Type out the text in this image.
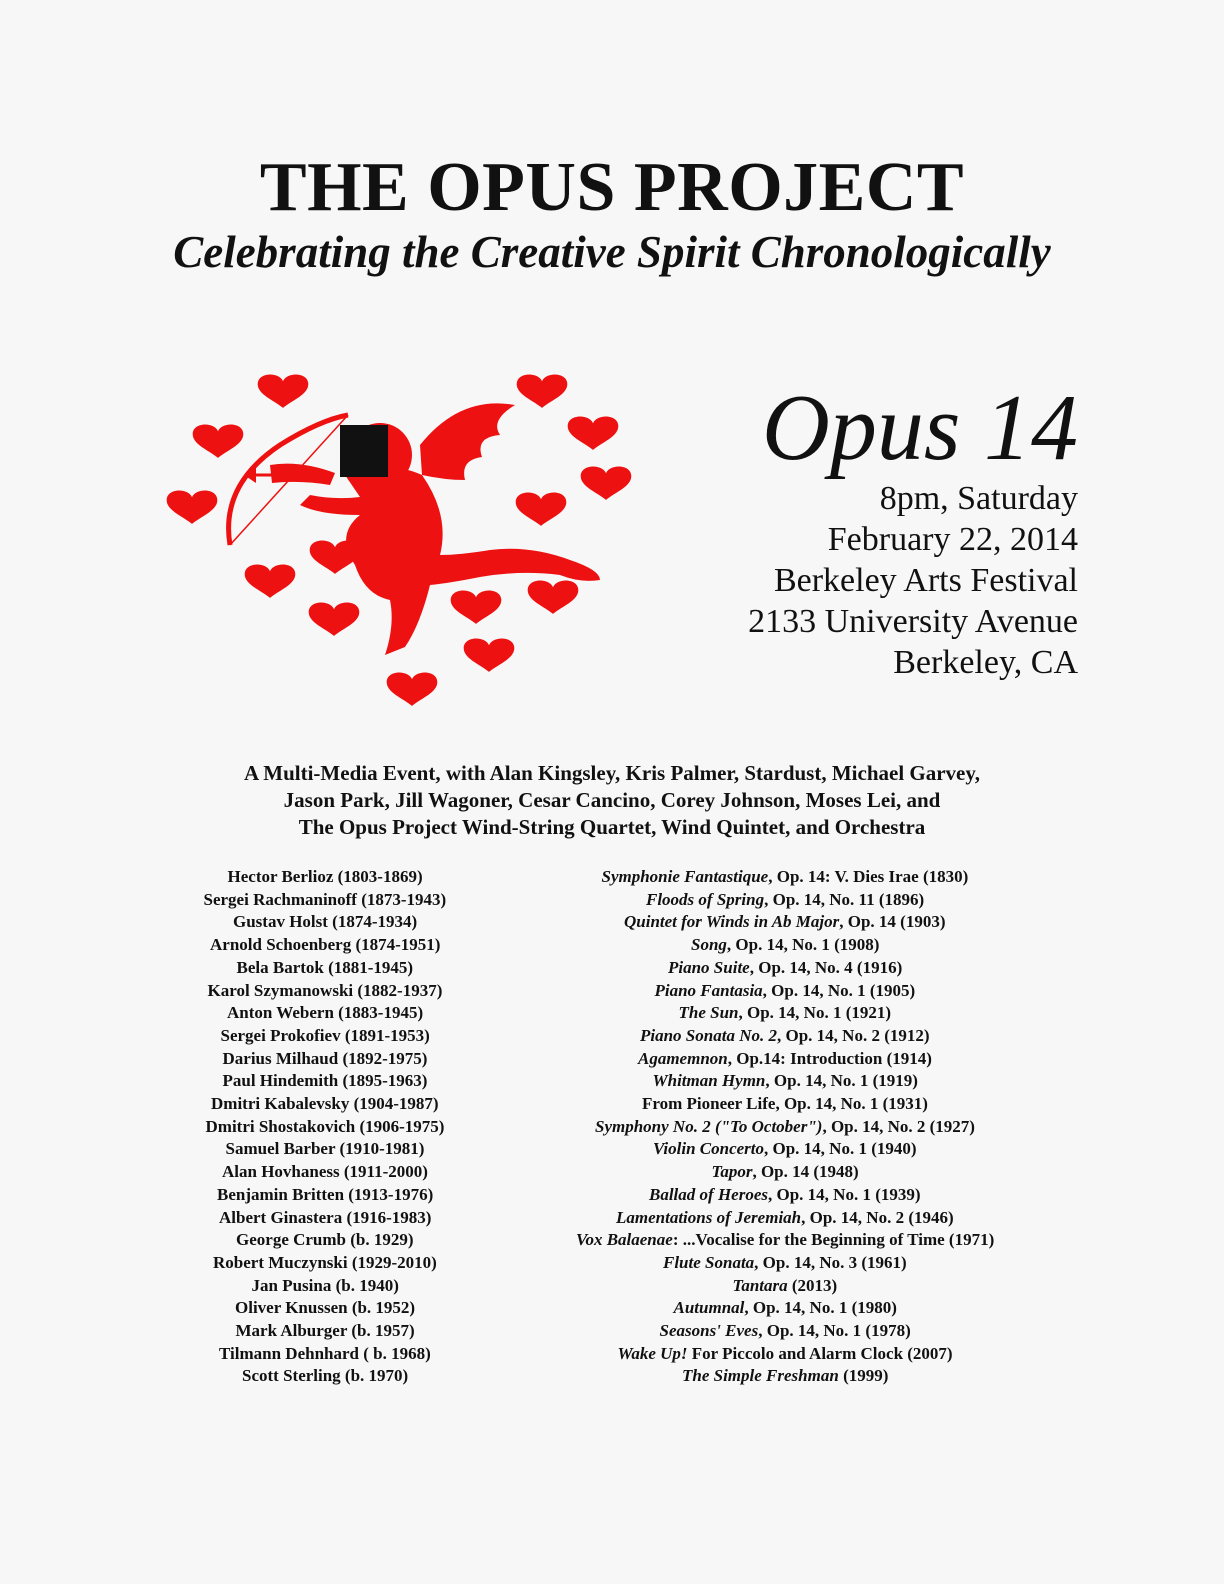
THE OPUS PROJECT
Celebrating the Creative Spirit Chronologically
Opus 14
8pm, Saturday
February 22, 2014
Berkeley Arts Festival
2133 University Avenue
Berkeley, CA
A Multi-Media Event, with Alan Kingsley, Kris Palmer, Stardust, Michael Garvey,
Jason Park, Jill Wagoner, Cesar Cancino, Corey Johnson, Moses Lei, and
The Opus Project Wind-String Quartet, Wind Quintet, and Orchestra
Hector Berlioz (1803-1869)	Symphonie Fantastique, Op. 14: V. Dies Irae (1830)
Sergei Rachmaninoff (1873-1943)	Floods of Spring, Op. 14, No. 11 (1896)
Gustav Holst (1874-1934)	Quintet for Winds in Ab Major, Op. 14 (1903)
Arnold Schoenberg (1874-1951)	Song, Op. 14, No. 1 (1908)
Bela Bartok (1881-1945)	Piano Suite, Op. 14, No. 4 (1916)
Karol Szymanowski (1882-1937)	Piano Fantasia, Op. 14, No. 1 (1905)
Anton Webern (1883-1945)	The Sun, Op. 14, No. 1 (1921)
Sergei Prokofiev (1891-1953)	Piano Sonata No. 2, Op. 14, No. 2 (1912)
Darius Milhaud (1892-1975)	Agamemnon, Op.14: Introduction (1914)
Paul Hindemith (1895-1963)	Whitman Hymn, Op. 14, No. 1 (1919)
Dmitri Kabalevsky (1904-1987)	From Pioneer Life, Op. 14, No. 1 (1931)
Dmitri Shostakovich (1906-1975)	Symphony No. 2 ("To October"), Op. 14, No. 2 (1927)
Samuel Barber (1910-1981)	Violin Concerto, Op. 14, No. 1 (1940)
Alan Hovhaness (1911-2000)	Tapor, Op. 14 (1948)
Benjamin Britten (1913-1976)	Ballad of Heroes, Op. 14, No. 1 (1939)
Albert Ginastera (1916-1983)	Lamentations of Jeremiah, Op. 14, No. 2 (1946)
George Crumb (b. 1929)	Vox Balaenae: ...Vocalise for the Beginning of Time (1971)
Robert Muczynski (1929-2010)	Flute Sonata, Op. 14, No. 3 (1961)
Jan Pusina (b. 1940)	Tantara (2013)
Oliver Knussen (b. 1952)	Autumnal, Op. 14, No. 1 (1980)
Mark Alburger (b. 1957)	Seasons' Eves, Op. 14, No. 1 (1978)
Tilmann Dehnhard ( b. 1968)	Wake Up! For Piccolo and Alarm Clock (2007)
Scott Sterling (b. 1970)	The Simple Freshman (1999)
